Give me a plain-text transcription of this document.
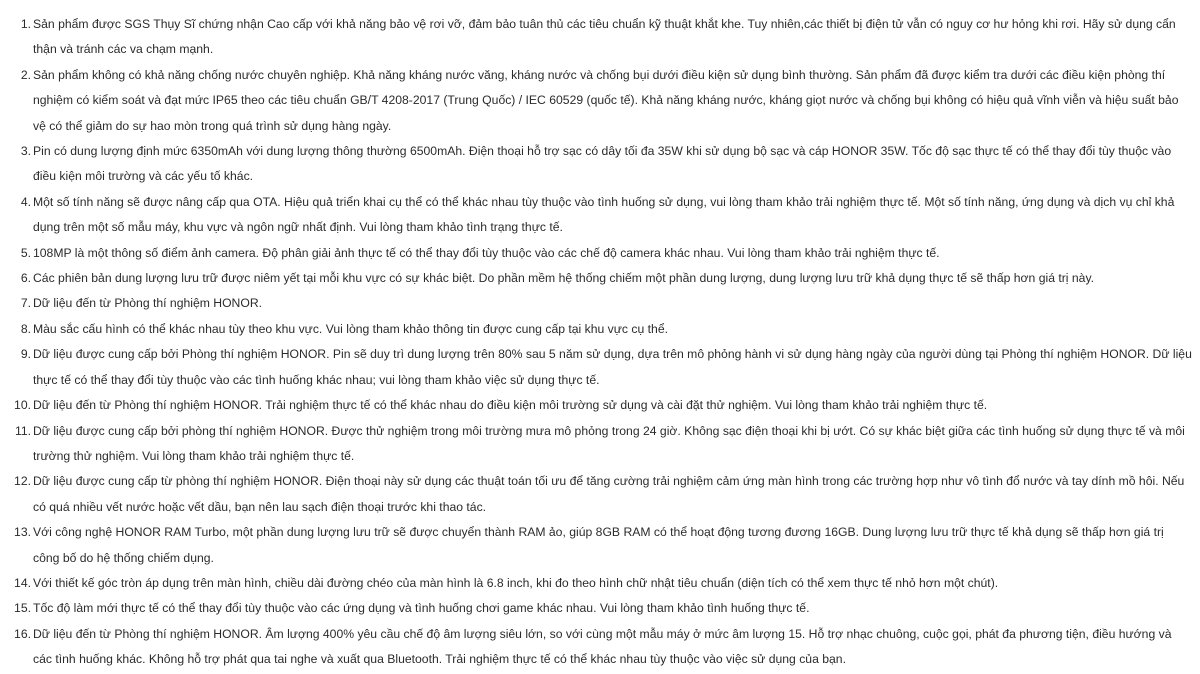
1. Sản phẩm được SGS Thụy Sĩ chứng nhận Cao cấp với khả năng bảo vệ rơi vỡ, đảm bảo tuân thủ các tiêu chuẩn kỹ thuật khắt khe. Tuy nhiên,các thiết bị điện tử vẫn có nguy cơ hư hỏng khi rơi. Hãy sử dụng cẩn thận và tránh các va chạm mạnh.
2. Sản phẩm không có khả năng chống nước chuyên nghiệp. Khả năng kháng nước văng, kháng nước và chống bụi dưới điều kiện sử dụng bình thường. Sản phẩm đã được kiểm tra dưới các điều kiện phòng thí nghiệm có kiểm soát và đạt mức IP65 theo các tiêu chuẩn GB/T 4208-2017 (Trung Quốc) / IEC 60529 (quốc tế). Khả năng kháng nước, kháng giọt nước và chống bụi không có hiệu quả vĩnh viễn và hiệu suất bảo vệ có thể giảm do sự hao mòn trong quá trình sử dụng hàng ngày.
3. Pin có dung lượng định mức 6350mAh với dung lượng thông thường 6500mAh. Điện thoại hỗ trợ sạc có dây tối đa 35W khi sử dụng bộ sạc và cáp HONOR 35W. Tốc độ sạc thực tế có thể thay đổi tùy thuộc vào điều kiện môi trường và các yếu tố khác.
4. Một số tính năng sẽ được nâng cấp qua OTA. Hiệu quả triển khai cụ thể có thể khác nhau tùy thuộc vào tình huống sử dụng, vui lòng tham khảo trải nghiệm thực tế. Một số tính năng, ứng dụng và dịch vụ chỉ khả dụng trên một số mẫu máy, khu vực và ngôn ngữ nhất định. Vui lòng tham khảo tình trạng thực tế.
5. 108MP là một thông số điểm ảnh camera. Độ phân giải ảnh thực tế có thể thay đổi tùy thuộc vào các chế độ camera khác nhau. Vui lòng tham khảo trải nghiệm thực tế.
6. Các phiên bản dung lượng lưu trữ được niêm yết tại mỗi khu vực có sự khác biệt. Do phần mềm hệ thống chiếm một phần dung lượng, dung lượng lưu trữ khả dụng thực tế sẽ thấp hơn giá trị này.
7. Dữ liệu đến từ Phòng thí nghiệm HONOR.
8. Màu sắc cấu hình có thể khác nhau tùy theo khu vực. Vui lòng tham khảo thông tin được cung cấp tại khu vực cụ thể.
9. Dữ liệu được cung cấp bởi Phòng thí nghiệm HONOR. Pin sẽ duy trì dung lượng trên 80% sau 5 năm sử dụng, dựa trên mô phỏng hành vi sử dụng hàng ngày của người dùng tại Phòng thí nghiệm HONOR. Dữ liệu thực tế có thể thay đổi tùy thuộc vào các tình huống khác nhau; vui lòng tham khảo việc sử dụng thực tế.
10. Dữ liệu đến từ Phòng thí nghiệm HONOR. Trải nghiệm thực tế có thể khác nhau do điều kiện môi trường sử dụng và cài đặt thử nghiệm. Vui lòng tham khảo trải nghiệm thực tế.
11. Dữ liệu được cung cấp bởi phòng thí nghiệm HONOR. Được thử nghiệm trong môi trường mưa mô phỏng trong 24 giờ. Không sạc điện thoại khi bị ướt. Có sự khác biệt giữa các tình huống sử dụng thực tế và môi trường thử nghiệm. Vui lòng tham khảo trải nghiệm thực tế.
12. Dữ liệu được cung cấp từ phòng thí nghiệm HONOR. Điện thoại này sử dụng các thuật toán tối ưu để tăng cường trải nghiệm cảm ứng màn hình trong các trường hợp như vô tình đổ nước và tay dính mồ hôi. Nếu có quá nhiều vết nước hoặc vết dầu, bạn nên lau sạch điện thoại trước khi thao tác.
13. Với công nghệ HONOR RAM Turbo, một phần dung lượng lưu trữ sẽ được chuyển thành RAM ảo, giúp 8GB RAM có thể hoạt động tương đương 16GB. Dung lượng lưu trữ thực tế khả dụng sẽ thấp hơn giá trị công bố do hệ thống chiếm dụng.
14. Với thiết kế góc tròn áp dụng trên màn hình, chiều dài đường chéo của màn hình là 6.8 inch, khi đo theo hình chữ nhật tiêu chuẩn (diện tích có thể xem thực tế nhỏ hơn một chút).
15. Tốc độ làm mới thực tế có thể thay đổi tùy thuộc vào các ứng dụng và tình huống chơi game khác nhau. Vui lòng tham khảo tình huống thực tế.
16. Dữ liệu đến từ Phòng thí nghiệm HONOR. Âm lượng 400% yêu cầu chế độ âm lượng siêu lớn, so với cùng một mẫu máy ở mức âm lượng 15. Hỗ trợ nhạc chuông, cuộc gọi, phát đa phương tiện, điều hướng và các tình huống khác. Không hỗ trợ phát qua tai nghe và xuất qua Bluetooth. Trải nghiệm thực tế có thể khác nhau tùy thuộc vào việc sử dụng của bạn.
